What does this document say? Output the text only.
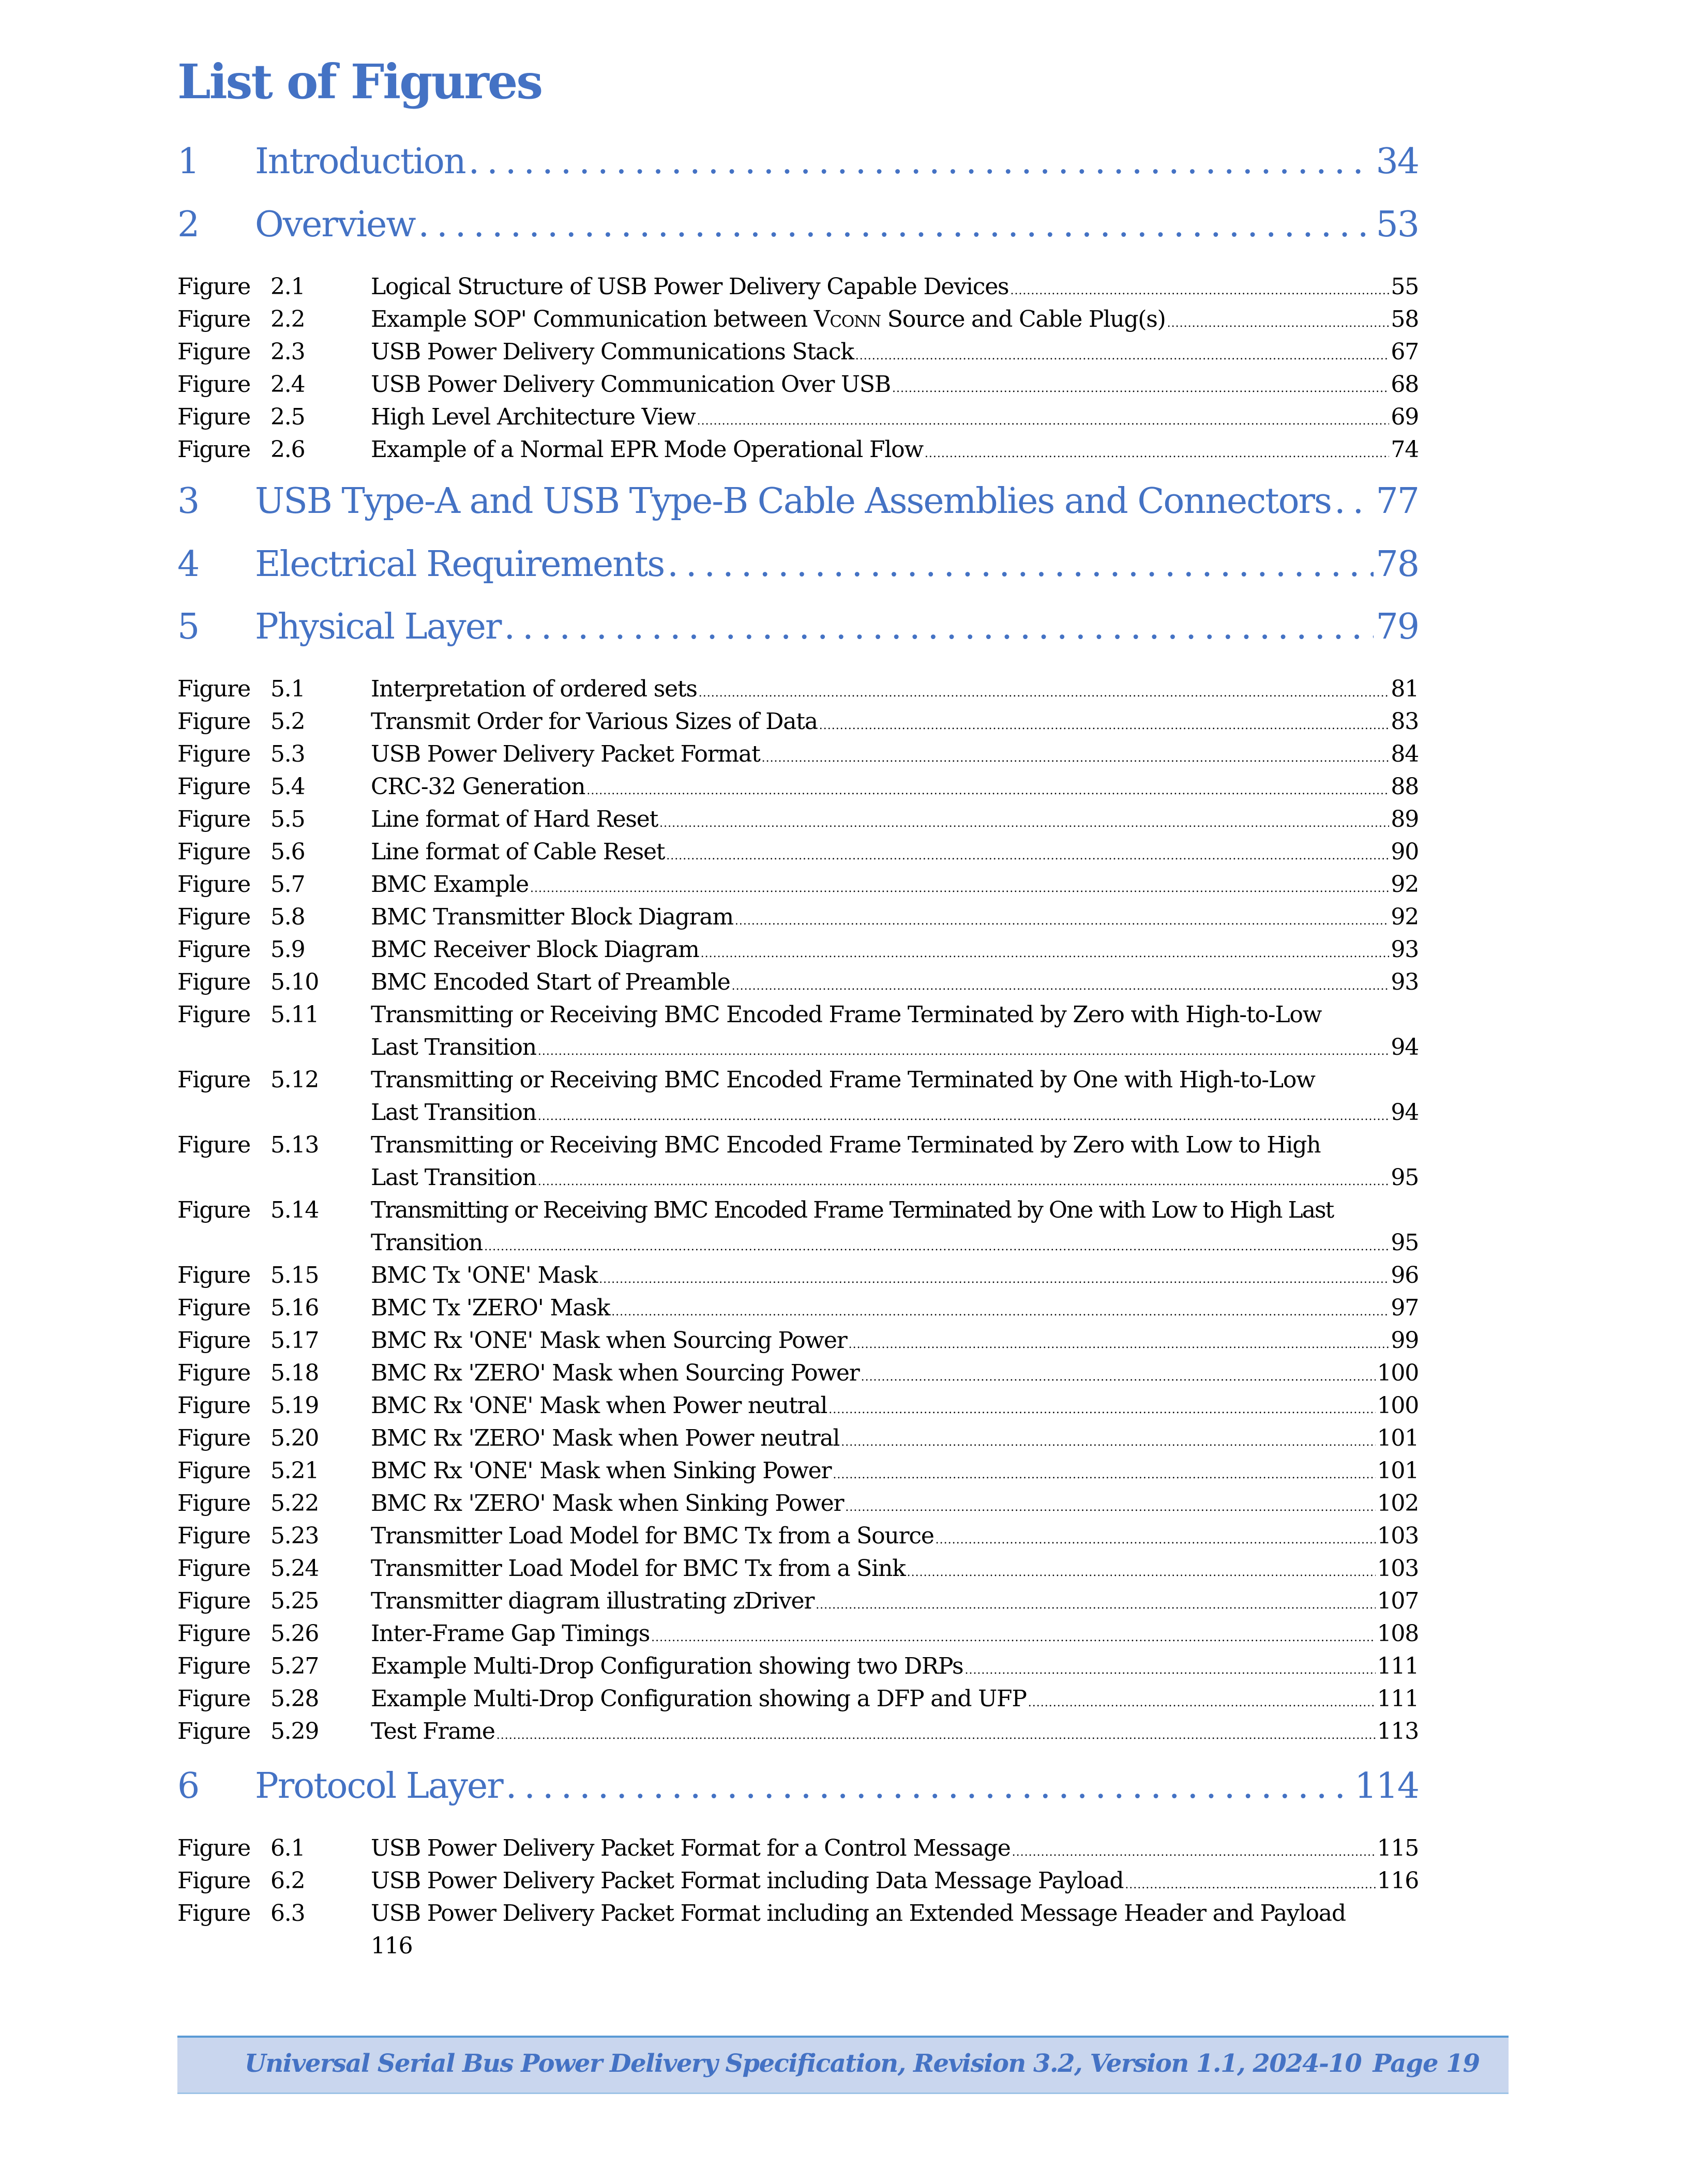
List of Figures
1	Introduction .....	34
2	Overview .....	53
Figure 2.1	Logical Structure of USB Power Delivery Capable Devices .....	55
Figure 2.2	Example SOP' Communication between Vconn Source and Cable Plug(s) .....	58
Figure 2.3	USB Power Delivery Communications Stack .....	67
Figure 2.4	USB Power Delivery Communication Over USB .....	68
Figure 2.5	High Level Architecture View .....	69
Figure 2.6	Example of a Normal EPR Mode Operational Flow .....	74
3	USB Type-A and USB Type-B Cable Assemblies and Connectors ..... 77
4	Electrical Requirements .....	78
5	Physical Layer .....	79
Figure 5.1	Interpretation of ordered sets .....	81
Figure 5.2	Transmit Order for Various Sizes of Data .....	83
Figure 5.3	USB Power Delivery Packet Format .....	84
Figure 5.4	CRC-32 Generation .....	88
Figure 5.5	Line format of Hard Reset .....	89
Figure 5.6	Line format of Cable Reset .....	90
Figure 5.7	BMC Example .....	92
Figure 5.8	BMC Transmitter Block Diagram .....	92
Figure 5.9	BMC Receiver Block Diagram .....	93
Figure 5.10	BMC Encoded Start of Preamble .....	93
Figure 5.11	Transmitting or Receiving BMC Encoded Frame Terminated by Zero with High-to-Low
Last Transition .....	94
Figure 5.12	Transmitting or Receiving BMC Encoded Frame Terminated by One with High-to-Low
Last Transition .....	94
Figure 5.13	Transmitting or Receiving BMC Encoded Frame Terminated by Zero with Low to High
Last Transition .....	95
Figure 5.14	Transmitting or Receiving BMC Encoded Frame Terminated by One with Low to High Last
Transition .....	95
Figure 5.15	BMC Tx 'ONE' Mask .....	96
Figure 5.16	BMC Tx 'ZERO' Mask .....	97
Figure 5.17	BMC Rx 'ONE' Mask when Sourcing Power .....	99
Figure 5.18	BMC Rx 'ZERO' Mask when Sourcing Power .....	100
Figure 5.19	BMC Rx 'ONE' Mask when Power neutral .....	100
Figure 5.20	BMC Rx 'ZERO' Mask when Power neutral .....	101
Figure 5.21	BMC Rx 'ONE' Mask when Sinking Power .....	101
Figure 5.22	BMC Rx 'ZERO' Mask when Sinking Power .....	102
Figure 5.23	Transmitter Load Model for BMC Tx from a Source .....	103
Figure 5.24	Transmitter Load Model for BMC Tx from a Sink .....	103
Figure 5.25	Transmitter diagram illustrating zDriver .....	107
Figure 5.26	Inter-Frame Gap Timings .....	108
Figure 5.27	Example Multi-Drop Configuration showing two DRPs .....	111
Figure 5.28	Example Multi-Drop Configuration showing a DFP and UFP .....	111
Figure 5.29	Test Frame .....	113
6	Protocol Layer .....	114
Figure 6.1	USB Power Delivery Packet Format for a Control Message .....	115
Figure 6.2	USB Power Delivery Packet Format including Data Message Payload .....	116
Figure 6.3	USB Power Delivery Packet Format including an Extended Message Header and Payload
116
Universal Serial Bus Power Delivery Specification, Revision 3.2, Version 1.1, 2024-10 Page 19
